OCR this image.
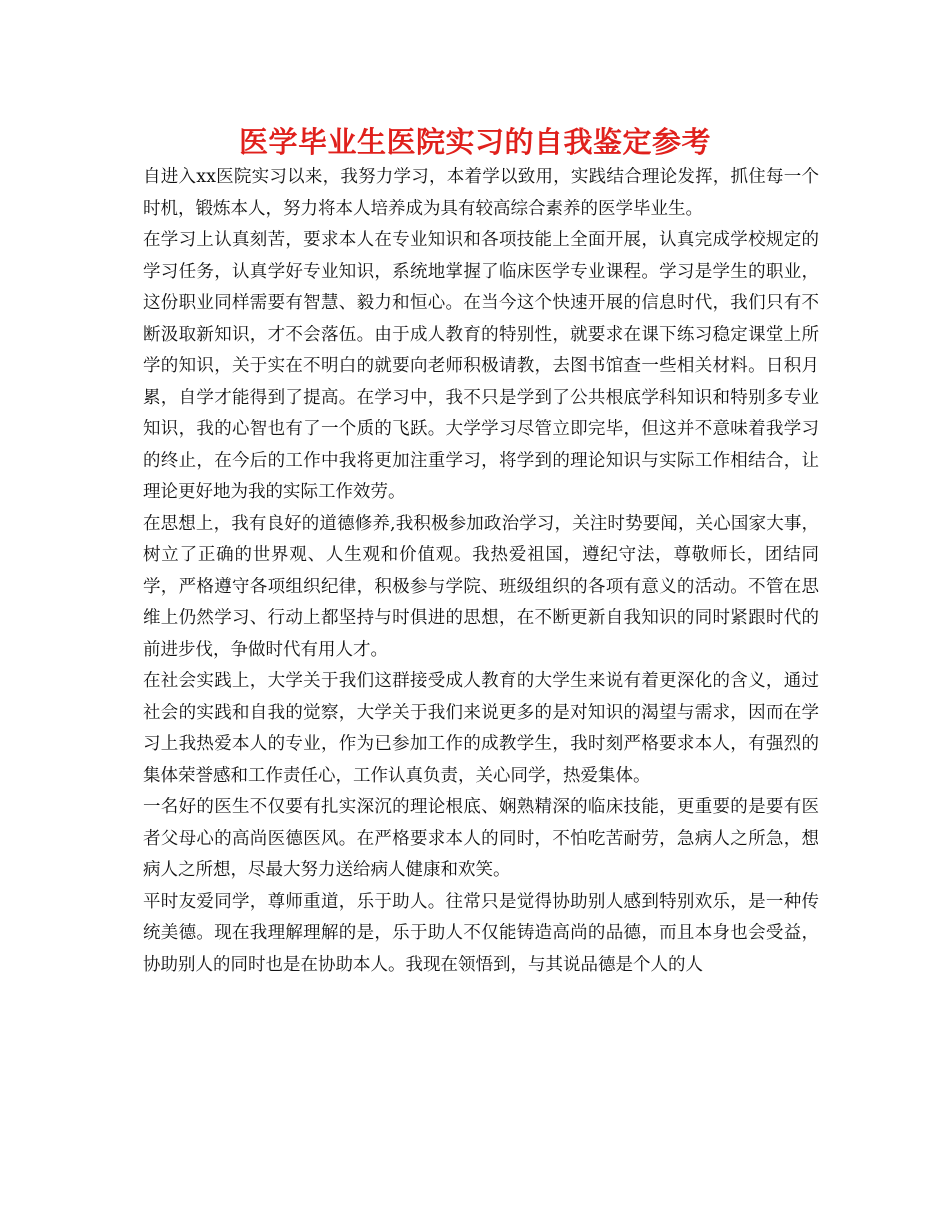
医学毕业生医院实习的自我鉴定参考

自进入xx医院实习以来，我努力学习，本着学以致用，实践结合理论发挥，抓住每一个时机，锻炼本人，努力将本人培养成为具有较高综合素养的医学毕业生。

在学习上认真刻苦，要求本人在专业知识和各项技能上全面开展，认真完成学校规定的学习任务，认真学好专业知识，系统地掌握了临床医学专业课程。学习是学生的职业，这份职业同样需要有智慧、毅力和恒心。在当今这个快速开展的信息时代，我们只有不断汲取新知识，才不会落伍。由于成人教育的特别性，就要求在课下练习稳定课堂上所学的知识，关于实在不明白的就要向老师积极请教，去图书馆查一些相关材料。日积月累，自学才能得到了提高。在学习中，我不只是学到了公共根底学科知识和特别多专业知识，我的心智也有了一个质的飞跃。大学学习尽管立即完毕，但这并不意味着我学习的终止，在今后的工作中我将更加注重学习，将学到的理论知识与实际工作相结合，让理论更好地为我的实际工作效劳。

在思想上，我有良好的道德修养,我积极参加政治学习，关注时势要闻，关心国家大事，树立了正确的世界观、人生观和价值观。我热爱祖国，遵纪守法，尊敬师长，团结同学，严格遵守各项组织纪律，积极参与学院、班级组织的各项有意义的活动。不管在思维上仍然学习、行动上都坚持与时俱进的思想，在不断更新自我知识的同时紧跟时代的前进步伐，争做时代有用人才。

在社会实践上，大学关于我们这群接受成人教育的大学生来说有着更深化的含义，通过社会的实践和自我的觉察，大学关于我们来说更多的是对知识的渴望与需求，因而在学习上我热爱本人的专业，作为已参加工作的成教学生，我时刻严格要求本人，有强烈的集体荣誉感和工作责任心，工作认真负责，关心同学，热爱集体。

一名好的医生不仅要有扎实深沉的理论根底、娴熟精深的临床技能，更重要的是要有医者父母心的高尚医德医风。在严格要求本人的同时，不怕吃苦耐劳，急病人之所急，想病人之所想，尽最大努力送给病人健康和欢笑。

平时友爱同学，尊师重道，乐于助人。往常只是觉得协助别人感到特别欢乐，是一种传统美德。现在我理解理解的是，乐于助人不仅能铸造高尚的品德，而且本身也会受益，协助别人的同时也是在协助本人。我现在领悟到，与其说品德是个人的人
